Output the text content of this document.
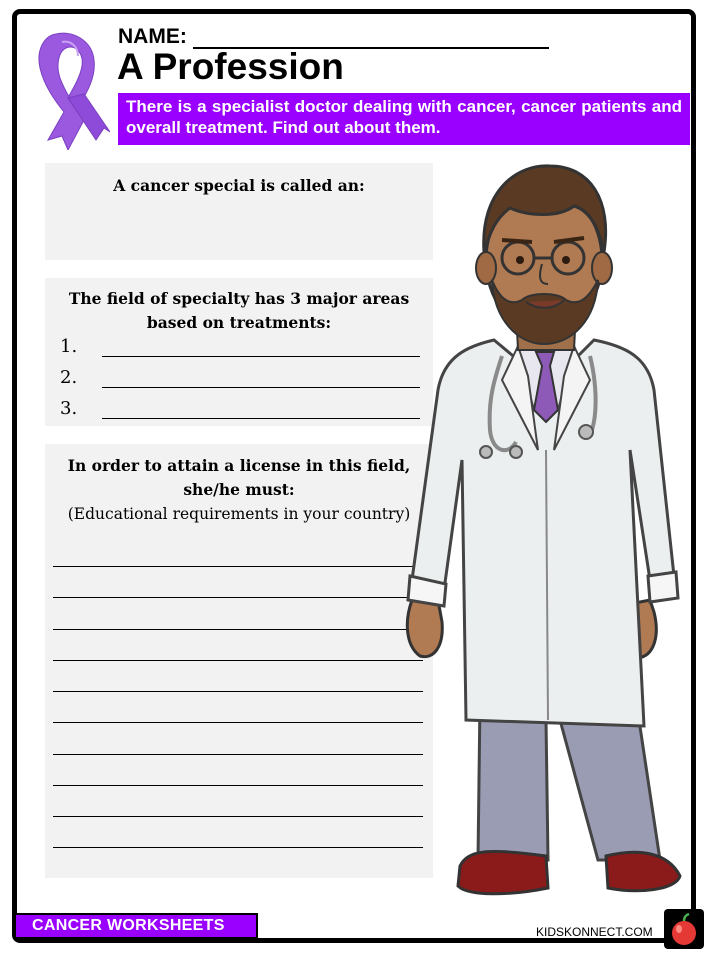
NAME:
A Profession
There is a specialist doctor dealing with cancer, cancer patients and overall treatment. Find out about them.
A cancer special is called an:
The field of specialty has 3 major areas based on treatments:
1.
2.
3.
In order to attain a license in this field, she/he must:
(Educational requirements in your country)
CANCER WORKSHEETS	KIDSKONNECT.COM
